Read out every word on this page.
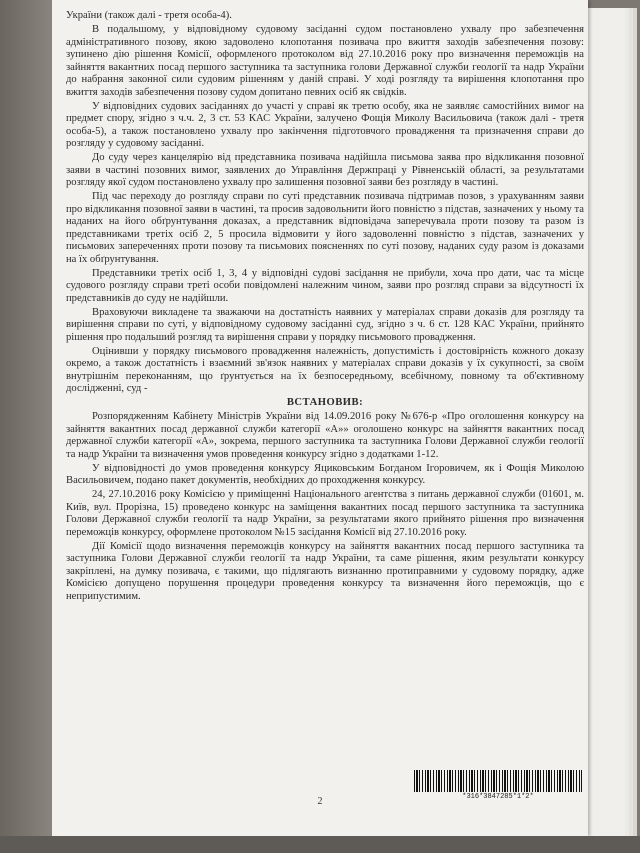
України (також далі - третя особа-4).

В подальшому, у відповідному судовому засіданні судом постановлено ухвалу про забезпечення адміністративного позову, якою задоволено клопотання позивача про вжиття заходів забезпечення позову: зупинено дію рішення Комісії, оформленого протоколом від 27.10.2016 року про визначення переможців на зайняття вакантних посад першого заступника та заступника голови Державної служби геології та надр України до набрання законної сили судовим рішенням у даній справі. У ході розгляду та вирішення клопотання про вжиття заходів забезпечення позову судом допитано певних осіб як свідків.

У відповідних судових засіданнях до участі у справі як третю особу, яка не заявляє самостійних вимог на предмет спору, згідно з ч.ч. 2, 3 ст. 53 КАС України, залучено Фощія Миколу Васильовича (також далі - третя особа-5), а також постановлено ухвалу про закінчення підготовчого провадження та призначення справи до розгляду у судовому засіданні.

До суду через канцелярію від представника позивача надійшла письмова заява про відкликання позовної заяви в частині позовних вимог, заявлених до Управління Держпраці у Рівненській області, за результатами розгляду якої судом постановлено ухвалу про залишення позовної заяви без розгляду в частині.

Під час переходу до розгляду справи по суті представник позивача підтримав позов, з урахуванням заяви про відкликання позовної заяви в частині, та просив задовольнити його повністю з підстав, зазначених у ньому та наданих на його обґрунтування доказах, а представник відповідача заперечувала проти позову та разом із представниками третіх осіб 2, 5 просила відмовити у його задоволенні повністю з підстав, зазначених у письмових запереченнях проти позову та письмових поясненнях по суті позову, наданих суду разом із доказами на їх обґрунтування.

Представники третіх осіб 1, 3, 4 у відповідні судові засідання не прибули, хоча про дати, час та місце судового розгляду справи треті особи повідомлені належним чином, заяви про розгляд справи за відсутності їх представників до суду не надійшли.

Враховуючи викладене та зважаючи на достатність наявних у матеріалах справи доказів для розгляду та вирішення справи по суті, у відповідному судовому засіданні суд, згідно з ч. 6 ст. 128 КАС України, прийнято рішення про подальший розгляд та вирішення справи у порядку письмового провадження.

Оцінивши у порядку письмового провадження належність, допустимість і достовірність кожного доказу окремо, а також достатність і взаємний зв'язок наявних у матеріалах справи доказів у їх сукупності, за своїм внутрішнім переконанням, що ґрунтується на їх безпосередньому, всебічному, повному та об'єктивному дослідженні, суд -

ВСТАНОВИВ:

Розпорядженням Кабінету Міністрів України від 14.09.2016 року №676-р «Про оголошення конкурсу на зайняття вакантних посад державної служби категорії «А»» оголошено конкурс на зайняття вакантних посад державної служби категорії «А», зокрема, першого заступника та заступника Голови Державної служби геології та надр України та визначення умов проведення конкурсу згідно з додатками 1-12.

У відповідності до умов проведення конкурсу Яциковським Богданом Ігоровичем, як і Фощія Миколою Васильовичем, подано пакет документів, необхідних до проходження конкурсу.

24, 27.10.2016 року Комісією у приміщенні Національного агентства з питань державної служби (01601, м. Київ, вул. Прорізна, 15) проведено конкурс на заміщення вакантних посад першого заступника та заступника Голови Державної служби геології та надр України, за результатами якого прийнято рішення про визначення переможців конкурсу, оформлене протоколом №15 засідання Комісії від 27.10.2016 року.

Дії Комісії щодо визначення переможців конкурсу на зайняття вакантних посад першого заступника та заступника Голови Державної служби геології та надр України, та саме рішення, яким результати конкурсу закріплені, на думку позивача, є такими, що підлягають визнанню протиправними у судовому порядку, адже Комісією допущено порушення процедури проведення конкурсу та визначення його переможців, що є неприпустимим.

*316*3847285*1*2*
2
